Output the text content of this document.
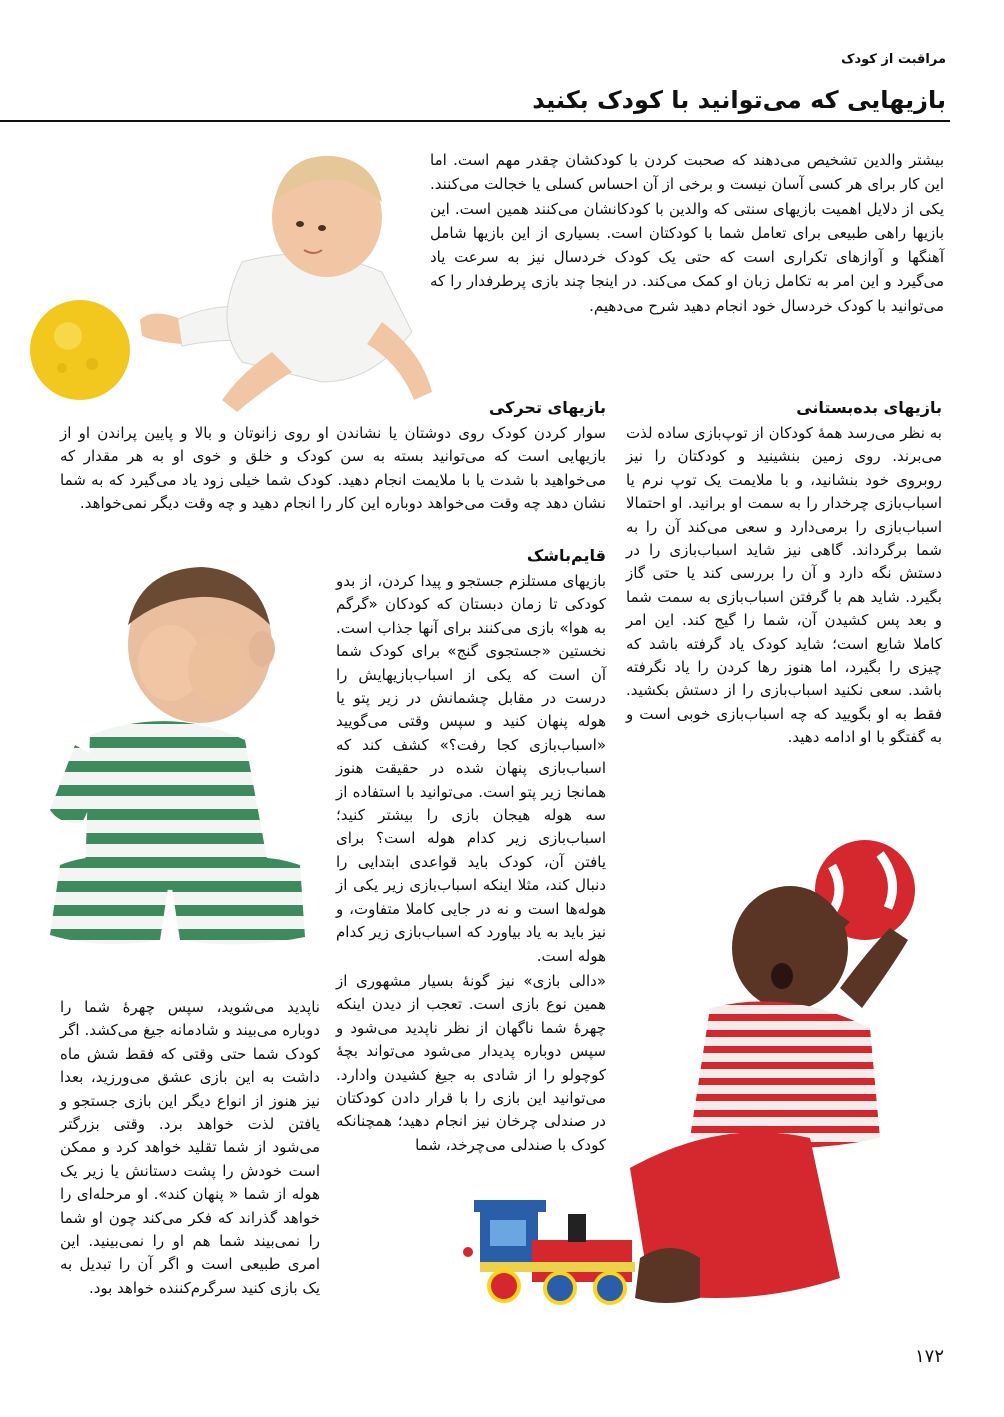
مراقبت از کودک
بازیهایی که می‌توانید با کودک بکنید

بیشتر والدین تشخیص می‌دهند که صحبت کردن با کودکشان چقدر مهم است. اما این کار برای هر کسی آسان نیست و برخی از آن احساس کسلی یا خجالت می‌کنند. یکی از دلایل اهمیت بازیهای سنتی که والدین با کودکانشان می‌کنند همین است. این بازیها راهی طبیعی برای تعامل شما با کودکتان است. بسیاری از این بازیها شامل آهنگها و آوازهای تکراری است که حتی یک کودک خردسال نیز به سرعت یاد می‌گیرد و این امر به تکامل زبان او کمک می‌کند. در اینجا چند بازی پرطرفدار را که می‌توانید با کودک خردسال خود انجام دهید شرح می‌دهیم.

بازیهای بده‌بستانی

به نظر می‌رسد همهٔ کودکان از توپ‌بازی ساده لذت می‌برند. روی زمین بنشینید و کودکتان را نیز روبروی خود بنشانید، و با ملایمت یک توپ نرم یا اسباب‌بازی چرخدار را به سمت او برانید. او احتمالا اسباب‌بازی را برمی‌دارد و سعی می‌کند آن را به شما برگرداند. گاهی نیز شاید اسباب‌بازی را در دستش نگه دارد و آن را بررسی کند یا حتی گاز بگیرد. شاید هم با گرفتن اسباب‌بازی به سمت شما و بعد پس کشیدن آن، شما را گیج کند. این امر کاملا شایع است؛ شاید کودک یاد گرفته باشد که چیزی را بگیرد، اما هنوز رها کردن را یاد نگرفته باشد. سعی نکنید اسباب‌بازی را از دستش بکشید. فقط به او بگویید که چه اسباب‌بازی خوبی است و به گفتگو با او ادامه دهید.

بازیهای تحرکی

سوار کردن کودک روی دوشتان یا نشاندن او روی زانوتان و بالا و پایین پراندن او از بازیهایی است که می‌توانید بسته به سن کودک و خلق و خوی او به هر مقدار که می‌خواهید با شدت یا با ملایمت انجام دهید. کودک شما خیلی زود یاد می‌گیرد که به شما نشان دهد چه وقت می‌خواهد دوباره این کار را انجام دهید و چه وقت دیگر نمی‌خواهد.

قایم‌باشک

بازیهای مستلزم جستجو و پیدا کردن، از بدو کودکی تا زمان دبستان که کودکان «گرگم به هوا» بازی می‌کنند برای آنها جذاب است. نخستین «جستجوی گنج» برای کودک شما آن است که یکی از اسباب‌بازیهایش را درست در مقابل چشمانش در زیر پتو یا هوله پنهان کنید و سپس وقتی می‌گویید «اسباب‌بازی کجا رفت؟» کشف کند که اسباب‌بازی پنهان شده در حقیقت هنوز همانجا زیر پتو است. می‌توانید با استفاده از سه هوله هیجان بازی را بیشتر کنید؛ اسباب‌بازی زیر کدام هوله است؟ برای یافتن آن، کودک باید قواعدی ابتدایی را دنبال کند، مثلا اینکه اسباب‌بازی زیر یکی از هوله‌ها است و نه در جایی کاملا متفاوت، و نیز باید به یاد بیاورد که اسباب‌بازی زیر کدام هوله است.

«دالی بازی» نیز گونهٔ بسیار مشهوری از همین نوع بازی است. تعجب از دیدن اینکه چهرهٔ شما ناگهان از نظر ناپدید می‌شود و سپس دوباره پدیدار می‌شود می‌تواند بچهٔ کوچولو را از شادی به جیغ کشیدن وادارد. می‌توانید این بازی را با قرار دادن کودکتان در صندلی چرخان نیز انجام دهید؛ همچنانکه کودک با صندلی می‌چرخد، شما

ناپدید می‌شوید، سپس چهرهٔ شما را دوباره می‌بیند و شادمانه جیغ می‌کشد. اگر کودک شما حتی وقتی که فقط شش ماه داشت به این بازی عشق می‌ورزید، بعدا نیز هنوز از انواع دیگر این بازی جستجو و یافتن لذت خواهد برد. وقتی بزرگتر می‌شود از شما تقلید خواهد کرد و ممکن است خودش را پشت دستانش یا زیر یک هوله از شما « پنهان کند». او مرحله‌ای را خواهد گذراند که فکر می‌کند چون او شما را نمی‌بیند شما هم او را نمی‌بینید. این امری طبیعی است و اگر آن را تبدیل به یک بازی کنید سرگرم‌کننده خواهد بود.

۱۷۲
